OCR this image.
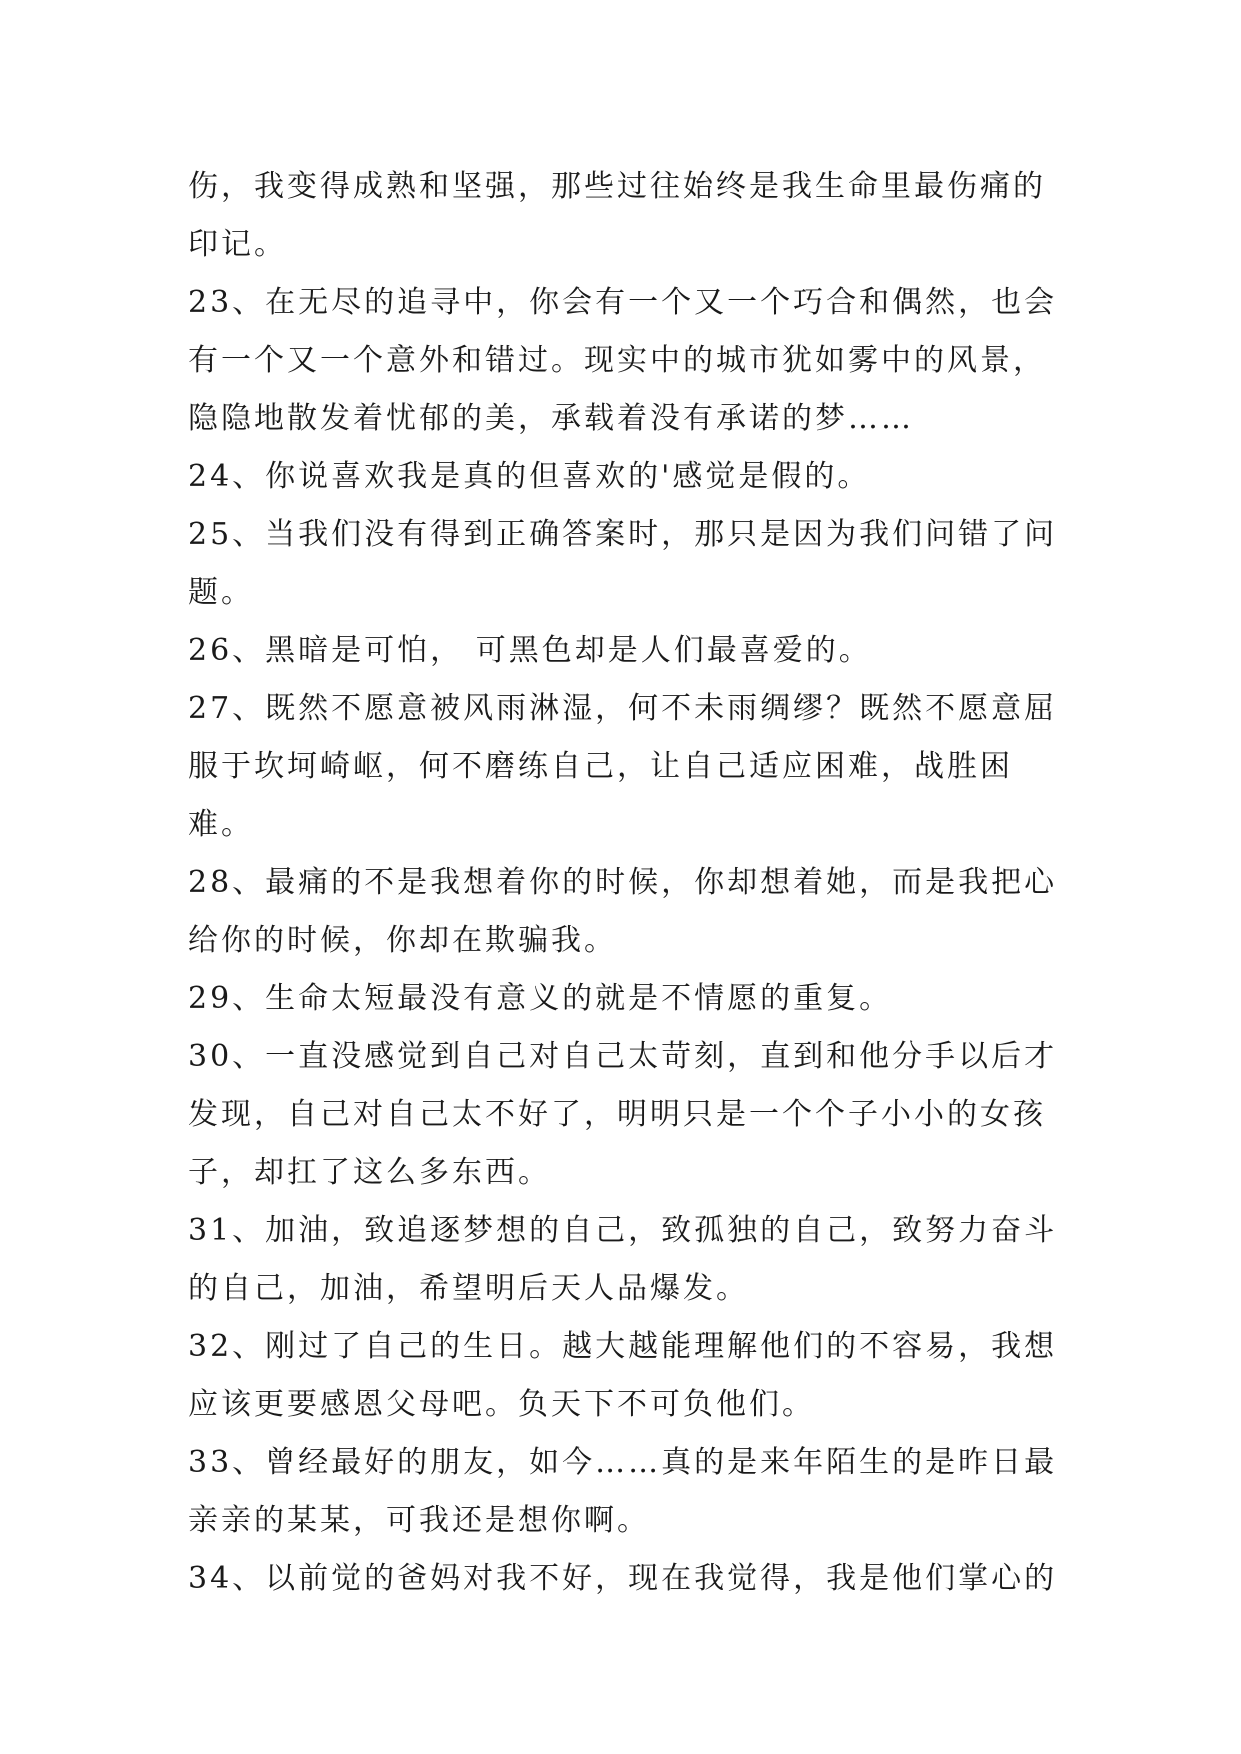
伤，我变得成熟和坚强，那些过往始终是我生命里最伤痛的印记。

23、在无尽的追寻中，你会有一个又一个巧合和偶然，也会有一个又一个意外和错过。现实中的城市犹如雾中的风景，隐隐地散发着忧郁的美，承载着没有承诺的梦……

24、你说喜欢我是真的但喜欢的'感觉是假的。

25、当我们没有得到正确答案时，那只是因为我们问错了问题。

26、黑暗是可怕， 可黑色却是人们最喜爱的。

27、既然不愿意被风雨淋湿，何不未雨绸缪？既然不愿意屈服于坎坷崎岖，何不磨练自己，让自己适应困难，战胜困难。

28、最痛的不是我想着你的时候，你却想着她，而是我把心给你的时候，你却在欺骗我。

29、生命太短最没有意义的就是不情愿的重复。

30、一直没感觉到自己对自己太苛刻，直到和他分手以后才发现，自己对自己太不好了，明明只是一个个子小小的女孩子，却扛了这么多东西。

31、加油，致追逐梦想的自己，致孤独的自己，致努力奋斗的自己，加油，希望明后天人品爆发。

32、刚过了自己的生日。越大越能理解他们的不容易，我想应该更要感恩父母吧。负天下不可负他们。

33、曾经最好的朋友，如今……真的是来年陌生的是昨日最亲亲的某某，可我还是想你啊。

34、以前觉的爸妈对我不好，现在我觉得，我是他们掌心的
